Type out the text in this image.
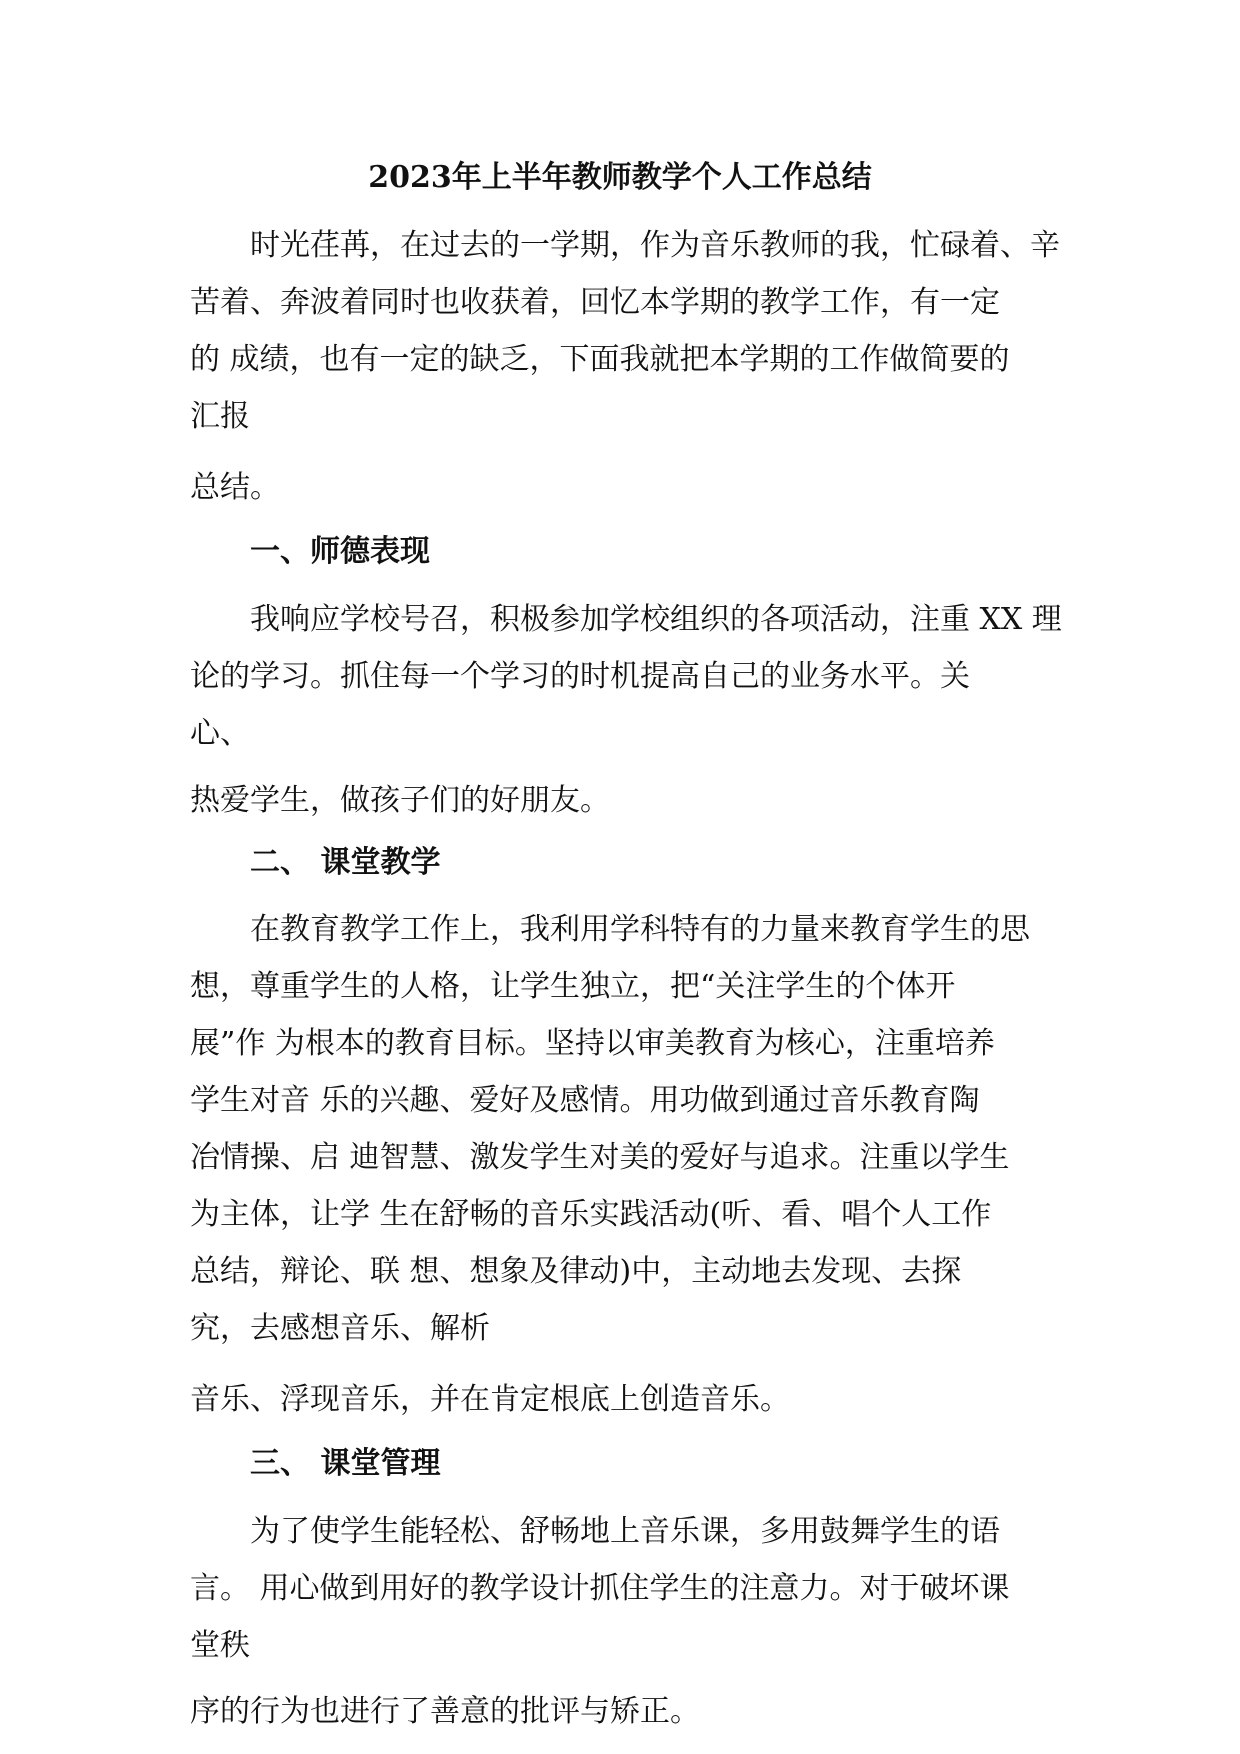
2023年上半年教师教学个人工作总结
时光荏苒，在过去的一学期，作为音乐教师的我，忙碌着、辛
苦着、奔波着同时也收获着，回忆本学期的教学工作，有一定
的 成绩，也有一定的缺乏，下面我就把本学期的工作做简要的
汇报
总结。
一、师德表现
我响应学校号召，积极参加学校组织的各项活动，注重 XX 理
论的学习。抓住每一个学习的时机提高自己的业务水平。关
心、
热爱学生，做孩子们的好朋友。
二、 课堂教学
在教育教学工作上，我利用学科特有的力量来教育学生的思
想，尊重学生的人格，让学生独立，把“关注学生的个体开
展”作 为根本的教育目标。坚持以审美教育为核心，注重培养
学生对音 乐的兴趣、爱好及感情。用功做到通过音乐教育陶
冶情操、启 迪智慧、激发学生对美的爱好与追求。注重以学生
为主体，让学 生在舒畅的音乐实践活动(听、看、唱个人工作
总结，辩论、联 想、想象及律动)中，主动地去发现、去探
究，去感想音乐、解析
音乐、浮现音乐，并在肯定根底上创造音乐。
三、 课堂管理
为了使学生能轻松、舒畅地上音乐课，多用鼓舞学生的语
言。 用心做到用好的教学设计抓住学生的注意力。对于破坏课
堂秩
序的行为也进行了善意的批评与矫正。
